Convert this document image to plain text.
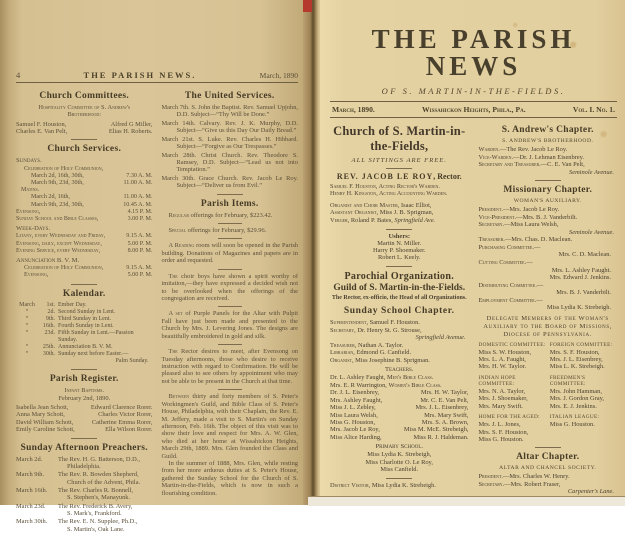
4	THE PARISH NEWS.	March, 1890
Church Committees.
Hospitality Committee of S. Andrew's
Brotherhood:
Samuel F. Houston,	Alfred G Miller,
Charles E. Van Pelt,	Elias H. Roberts.
Church Services.
Sundays.
Celebration of Holy Communion,
March 2d, 16th, 30th,	7.30 A. M.
March 9th, 23d, 30th,	11.00 A. M.
Matins.
March 2d, 16th,	11.00 A. M.
March 9th, 23d, 30th,	10.45 A. M.
Evensong,	4.15 P. M.
Sunday School and Bible Classes,	3.00 P. M.
Week-Days.
Litany, every Wednesday and Friday,	9.15 A. M.
Evensong, daily, except Wednesday,	5.00 P. M.
Evening Service, every Wednesday,	8.00 P. M.
Annunciation B. V. M.
Celebration of Holy Communion,	9.15 A. M.
Evensong,	5.00 P. M.
Kalendar.
March	1st. Ember Day.
“	2d. Second Sunday in Lent.
“	9th. Third Sunday in Lent.
“	16th. Fourth Sunday in Lent.
“	23d. Fifth Sunday in Lent.—Passion Sunday.
“	25th. Annunciation B. V. M.
“	30th. Sunday next before Easter.—
Palm Sunday.
Parish Register.
Infant Baptisms.
February 2nd, 1890.
Isabella Jean Schott,	Edward Clarence Rorer.
Anna Mary Schott,	Charles Victor Rorer,
David William Schott,	Catherine Emma Rorer,
Emily Caroline Schott,	Ella Wilson Rorer.
Sunday Afternoon Preachers.
March 2d.	The Rev. H. G. Batterson, D.D.,
Philadelphia.
March 9th.	The Rev. R. Bowden Shepherd,
Church of the Advent, Phila.
March 16th.	The Rev. Charles R. Bonnell,
S. Stephen's, Manayunk.
March 23d.	The Rev. Frederick B. Avery,
S. Mark's, Frankford.
March 30th.	The Rev. E. N. Supplee, Ph.D.,
S. Martin's, Oak Lane.
The United Services.
March 7th. S. John the Baptist. Rev. Samuel Upjohn, D.D. Subject—“Thy Will be Done.”
March 14th. Calvary. Rev. J. K. Murphy, D.D. Subject—“Give us this Day Our Daily Bread.”
March 21st. S. Luke. Rev. Charles H. Hibbard. Subject—“Forgive as Our Trespasses.”
March 28th. Christ Church. Rev. Theodore S. Ramsey, D.D. Subject—“Lead us not into Temptation.”
March 30th. Grace Church. Rev. Jacob Le Roy. Subject—“Deliver us from Evil.”
Parish Items.
Regular offerings for February, $223.42.
Special offerings for February, $29.96.
A Reading room will soon be opened in the Parish building. Donations of Magazines and papers are in order and requested.
The choir boys have shown a spirit worthy of imitation,—they have expressed a decided wish not to be overlooked when the offerings of the congregation are received.
A set of Purple Panels for the Altar with Pulpit Fall have just been made and presented to the Church by Mrs. J. Levering Jones. The designs are beautifully embroidered in gold and silk.
The Rector desires to meet, after Evensong on Tuesday afternoons, those who desire to receive instruction with regard to Confirmation. He will be pleased also to see others by appointment who may not be able to be present in the Church at that time.
Between thirty and forty members of S. Peter's Workingmen's Guild, and Bible Class of S. Peter's House, Philadelphia, with their Chaplain, the Rev. E. M. Jeffery, made a visit to S. Martin's on Sunday afternoon, Feb. 16th. The object of this visit was to show their love and respect for Mrs. A. W. Glen, who died at her home at Wissahickon Heights, March 29th, 1889. Mrs. Glen founded the Class and Guild.
In the summer of 1888, Mrs. Glen, while resting from her more arduous duties at S. Peter's House, gathered the Sunday School for the Church of S. Martin-in-the-Fields, which is now in such a flourishing condition.
THE PARISH NEWS
OF S. MARTIN-IN-THE-FIELDS.
March, 1890.	Wissahickon Heights, Phila., Pa.	Vol. I. No. 1.
Church of S. Martin-in-the-Fields,
ALL SITTINGS ARE FREE.
REV. JACOB LE ROY, Rector.
Samuel F. Houston, Acting Rector's Warden.
Henry H. Kingston, Acting Accounting Warden.
Organist and Choir Master, Isaac Elliot,
Assistant Organist, Miss J. B. Sprigman,
Verger, Roland P. Bates, Springfield Ave.
Ushers:
Martin N. Miller.
Harry P. Shoemaker.
Robert L. Keely.
Parochial Organization.
Guild of S. Martin-in-the-Fields.
The Rector, ex-officio, the Head of all Organizations.
Sunday School Chapter.
Superintendent, Samuel F. Houston.
Secretary, Dr. Henry St. G. Strouse,
Springfield Avenue.
Treasurer, Nathan A. Taylor.
Librarian, Edmond G. Canfield.
Organist, Miss Josephine B. Sprigman.
Teachers.
Dr. L. Ashley Faught, Men's Bible Class.
Mrs. E. R Warrington, Women's Bible Class.
Dr. J. L. Eisenbrey,	Mrs. H. W. Taylor,
Mrs. Ashley Faught,	Mr. C. E. Van Pelt,
Miss J. L. Zebley,	Mrs. J. L. Eisenbrey,
Miss Laura Welsh,	Mrs. Mary Swift,
Miss G. Houston,	Mrs. S. A. Brown,
Mrs. Jacob Le Roy,	Miss M. McE. Strebeigh,
Miss Alice Harding,	Miss R. J. Haldeman.
Primary School.
Miss Lydia K. Strebeigh,
Miss Charlotte O. Le Roy,
Miss Canfield.
District Visitor, Miss Lydia K. Strebeigh.
S. Andrew's Chapter.
S. ANDREW'S BROTHERHOOD.
Warden.—The Rev. Jacob Le Roy.
Vice-Warden.—Dr. J. Lehman Eisenbrey.
Secretary and Treasurer.—C. E. Van Pelt,
Seminole Avenue.
Missionary Chapter.
WOMAN'S AUXILIARY.
President.—Mrs. Jacob Le Roy.
Vice-President.—Mrs. B. J. Vanderbilt.
Secretary.—Miss Laura Welsh,
Seminole Avenue.
Treasurer.—Mrs. Chas. D. Maclean.
Purchasing Committee.—
Mrs. C. D. Maclean.
Cutting Committee.—
Mrs. L. Ashley Faught.
Mrs. Edward J. Jenkins.
Distributing Committee.—
Mrs. B. J. Vanderbilt.
Employment Committee.—
Miss Lydia K. Strebeigh.
Delegate Members of the Woman's
Auxiliary to the Board of Missions,
Diocese of Pennsylvania.
DOMESTIC COMMITTEE:
Miss S. W. Houston,
Mrs. L. A. Faught,
Mrs. H. W. Taylor.
FOREIGN COMMITTEE:
Mrs. S. F. Houston,
Mrs. J. L. Eisenbrey,
Miss L. K. Strebeigh.
INDIAN HOPE COMMITTEE:
Mrs. N. A. Taylor,
Mrs. J. Shoemaker,
Mrs. Mary Swift.
FREEDMEN'S COMMITTEE:
Mrs. John Hamman,
Mrs. J. Gordon Gray,
Mrs. E. J. Jenkins.
HOME FOR THE AGED:
Mrs. J. L. Jones,
Mrs. S. F. Houston,
Miss G. Houston.
ITALIAN LEAGUE:
Miss G. Houston.
Altar Chapter.
ALTAR AND CHANCEL SOCIETY.
President.—Mrs. Charles W. Henry.
Secretary.—Mrs. Robert Fraser,
Carpenter's Lane.
